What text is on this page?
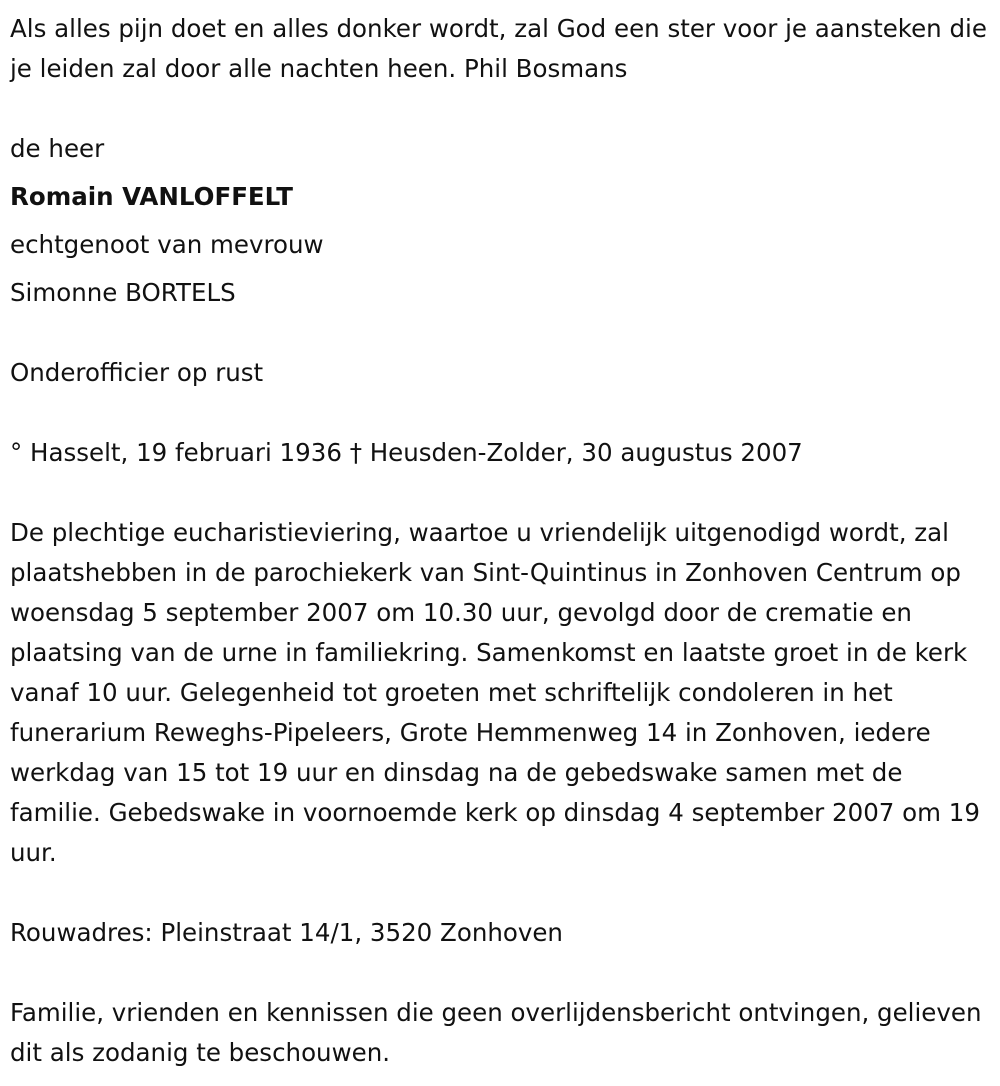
Als alles pijn doet en alles donker wordt, zal God een ster voor je aansteken die je leiden zal door alle nachten heen. Phil Bosmans

de heer

Romain VANLOFFELT

echtgenoot van mevrouw

Simonne BORTELS

Onderofficier op rust

° Hasselt, 19 februari 1936 † Heusden-Zolder, 30 augustus 2007

De plechtige eucharistieviering, waartoe u vriendelijk uitgenodigd wordt, zal plaatshebben in de parochiekerk van Sint-Quintinus in Zonhoven Centrum op woensdag 5 september 2007 om 10.30 uur, gevolgd door de crematie en plaatsing van de urne in familiekring. Samenkomst en laatste groet in de kerk vanaf 10 uur. Gelegenheid tot groeten met schriftelijk condoleren in het funerarium Reweghs-Pipeleers, Grote Hemmenweg 14 in Zonhoven, iedere werkdag van 15 tot 19 uur en dinsdag na de gebedswake samen met de familie. Gebedswake in voornoemde kerk op dinsdag 4 september 2007 om 19 uur.

Rouwadres: Pleinstraat 14/1, 3520 Zonhoven

Familie, vrienden en kennissen die geen overlijdensbericht ontvingen, gelieven dit als zodanig te beschouwen.
